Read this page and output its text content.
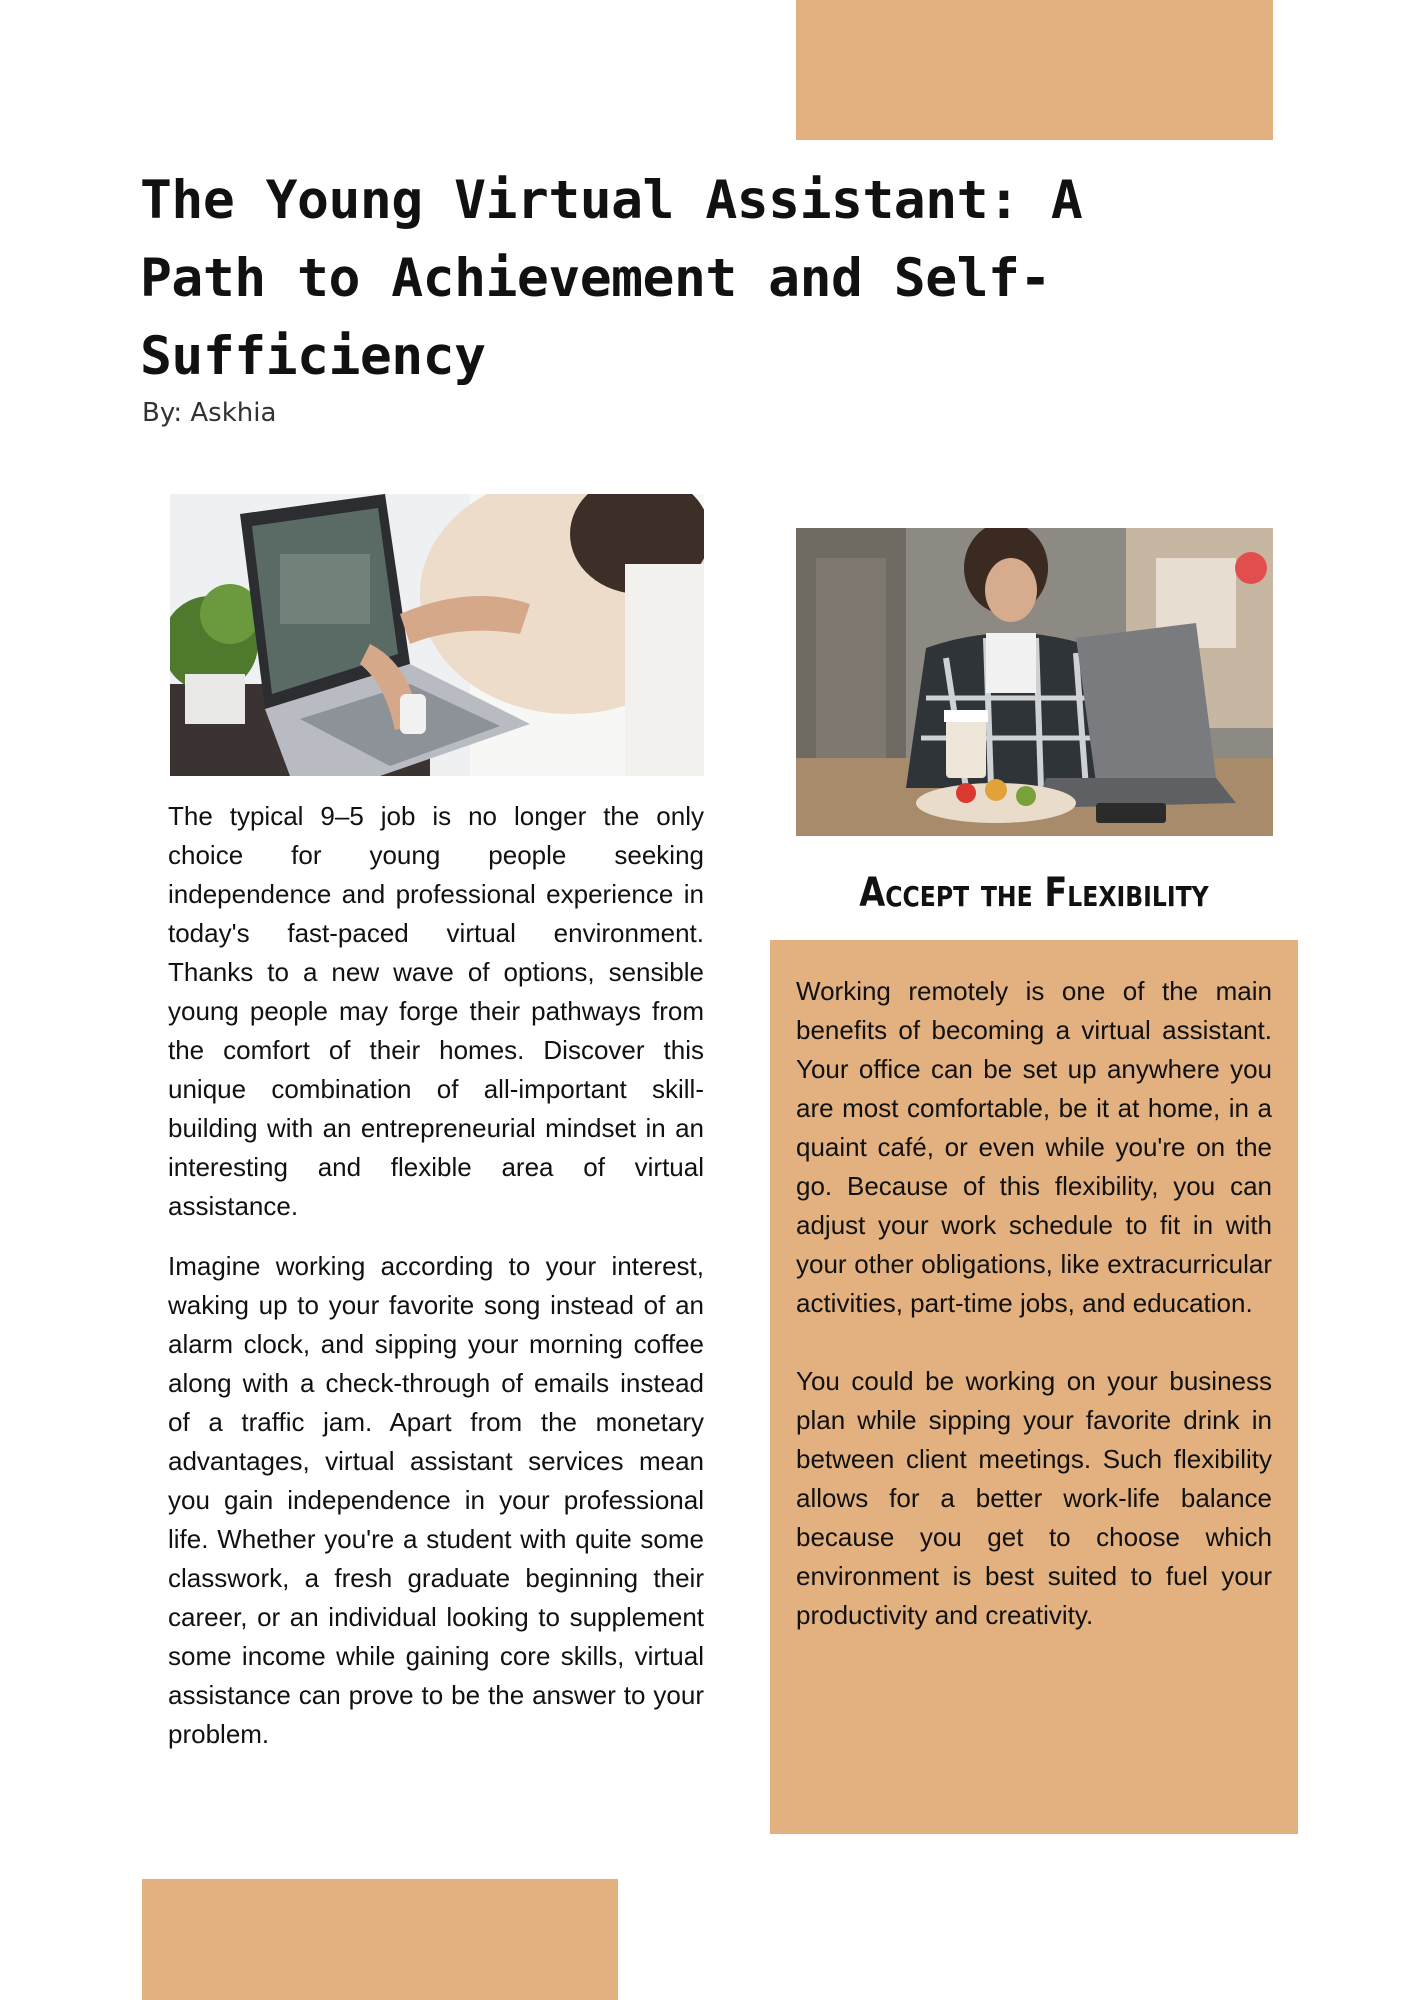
The Young Virtual Assistant: A Path to Achievement and Self-Sufficiency

By: Askhia

The typical 9–5 job is no longer the only choice for young people seeking independence and professional experience in today's fast-paced virtual environment. Thanks to a new wave of options, sensible young people may forge their pathways from the comfort of their homes. Discover this unique combination of all-important skill-building with an entrepreneurial mindset in an interesting and flexible area of virtual assistance.

Imagine working according to your interest, waking up to your favorite song instead of an alarm clock, and sipping your morning coffee along with a check-through of emails instead of a traffic jam. Apart from the monetary advantages, virtual assistant services mean you gain independence in your professional life. Whether you're a student with quite some classwork, a fresh graduate beginning their career, or an individual looking to supplement some income while gaining core skills, virtual assistance can prove to be the answer to your problem.

Accept the Flexibility

Working remotely is one of the main benefits of becoming a virtual assistant. Your office can be set up anywhere you are most comfortable, be it at home, in a quaint café, or even while you're on the go. Because of this flexibility, you can adjust your work schedule to fit in with your other obligations, like extracurricular activities, part-time jobs, and education.

You could be working on your business plan while sipping your favorite drink in between client meetings. Such flexibility allows for a better work-life balance because you get to choose which environment is best suited to fuel your productivity and creativity.
